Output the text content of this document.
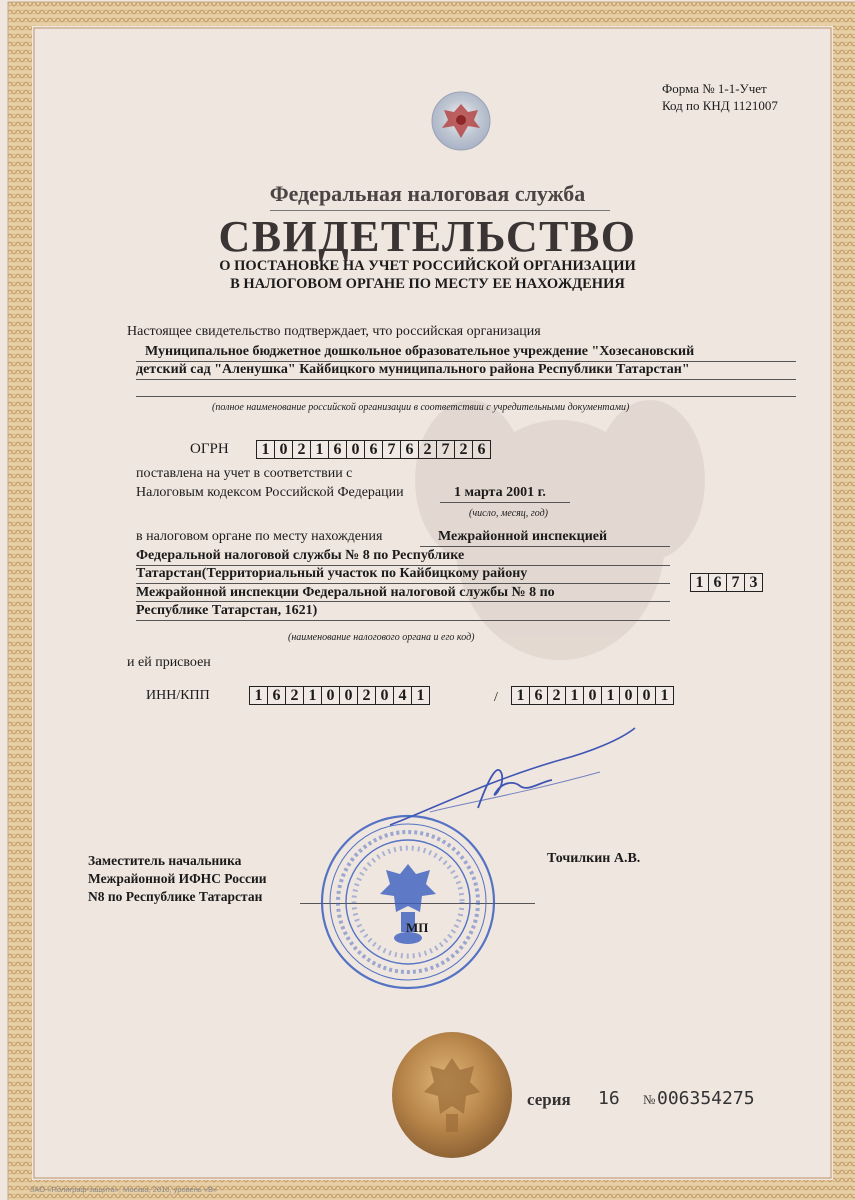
Форма № 1-1-Учет
Код по КНД 1121007
Федеральная налоговая служба
СВИДЕТЕЛЬСТВО
О ПОСТАНОВКЕ НА УЧЕТ РОССИЙСКОЙ ОРГАНИЗАЦИИ
В НАЛОГОВОМ ОРГАНЕ ПО МЕСТУ ЕЕ НАХОЖДЕНИЯ
Настоящее свидетельство подтверждает, что российская организация
Муниципальное бюджетное дошкольное образовательное учреждение "Хозесановский
детский сад "Аленушка" Кайбицкого муниципального района Республики Татарстан"
(полное наименование российской организации в соответствии с учредительными документами)
ОГРН	1 0 2 1 6 0 6 7 6 2 7 2 6
поставлена на учет в соответствии с
Налоговым кодексом Российской Федерации	1 марта 2001 г.
(число, месяц, год)
в налоговом органе по месту нахождения	Межрайонной инспекцией
Федеральной налоговой службы № 8 по Республике
Татарстан(Территориальный участок по Кайбицкому району
Межрайонной инспекции Федеральной налоговой службы № 8 по
Республике Татарстан, 1621)
1 6 7 3
(наименование налогового органа и его код)
и ей присвоен
ИНН/КПП	1 6 2 1 0 0 2 0 4 1	/	1 6 2 1 0 1 0 0 1
Заместитель начальника
Межрайонной ИФНС России
N8 по Республике Татарстан
Точилкин А.В.
МП
серия 16 № 006354275
ЗАО «Полиграф-защита», Москва, 2010, уровень «В»
